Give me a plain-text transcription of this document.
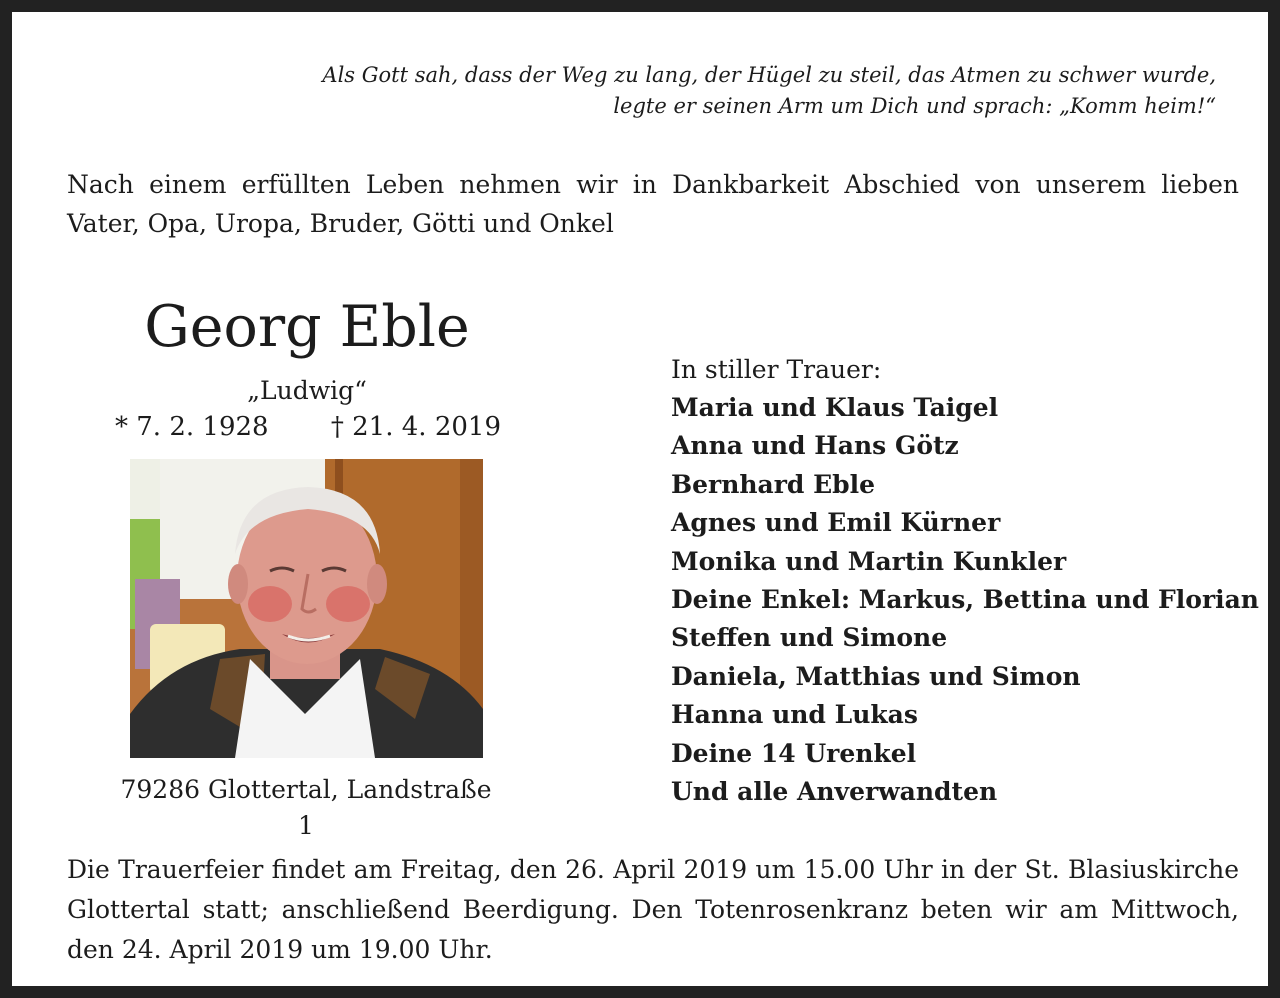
Als Gott sah, dass der Weg zu lang, der Hügel zu steil, das Atmen zu schwer wurde,
legte er seinen Arm um Dich und sprach: „Komm heim!“
Nach einem erfüllten Leben nehmen wir in Dankbarkeit Abschied von unserem lieben Vater, Opa, Uropa, Bruder, Götti und Onkel
Georg Eble
„Ludwig“
* 7. 2. 1928 † 21. 4. 2019
79286 Glottertal, Landstraße 1
In stiller Trauer:
Maria und Klaus Taigel
Anna und Hans Götz
Bernhard Eble
Agnes und Emil Kürner
Monika und Martin Kunkler
Deine Enkel: Markus, Bettina und Florian
Steffen und Simone
Daniela, Matthias und Simon
Hanna und Lukas
Deine 14 Urenkel
Und alle Anverwandten
Die Trauerfeier findet am Freitag, den 26. April 2019 um 15.00 Uhr in der St. Blasiuskirche Glottertal statt; anschließend Beerdigung. Den Totenrosenkranz beten wir am Mittwoch, den 24. April 2019 um 19.00 Uhr.
